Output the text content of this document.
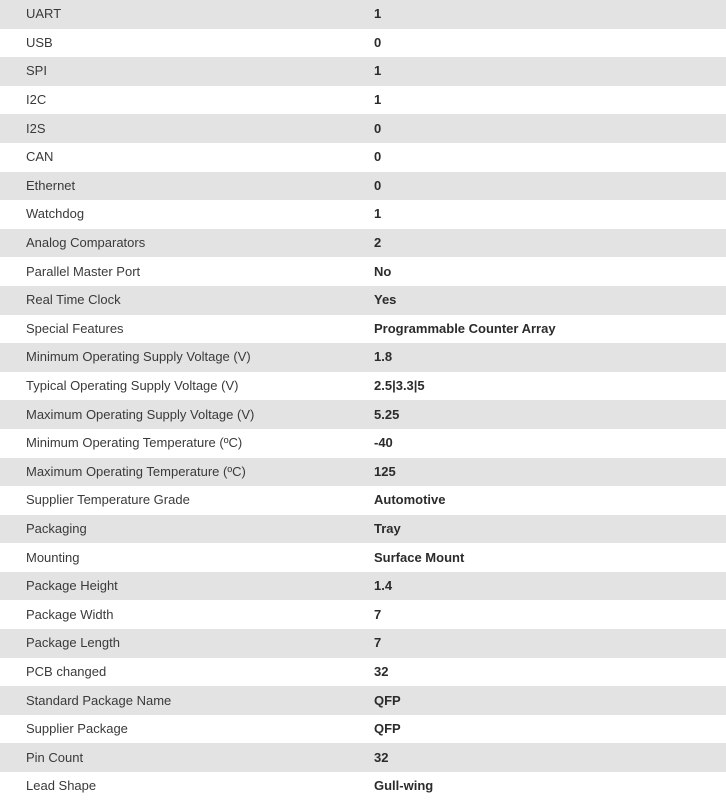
UART	1
USB	0
SPI	1
I2C	1
I2S	0
CAN	0
Ethernet	0
Watchdog	1
Analog Comparators	2
Parallel Master Port	No
Real Time Clock	Yes
Special Features	Programmable Counter Array
Minimum Operating Supply Voltage (V)	1.8
Typical Operating Supply Voltage (V)	2.5|3.3|5
Maximum Operating Supply Voltage (V)	5.25
Minimum Operating Temperature (ºC)	-40
Maximum Operating Temperature (ºC)	125
Supplier Temperature Grade	Automotive
Packaging	Tray
Mounting	Surface Mount
Package Height	1.4
Package Width	7
Package Length	7
PCB changed	32
Standard Package Name	QFP
Supplier Package	QFP
Pin Count	32
Lead Shape	Gull-wing
